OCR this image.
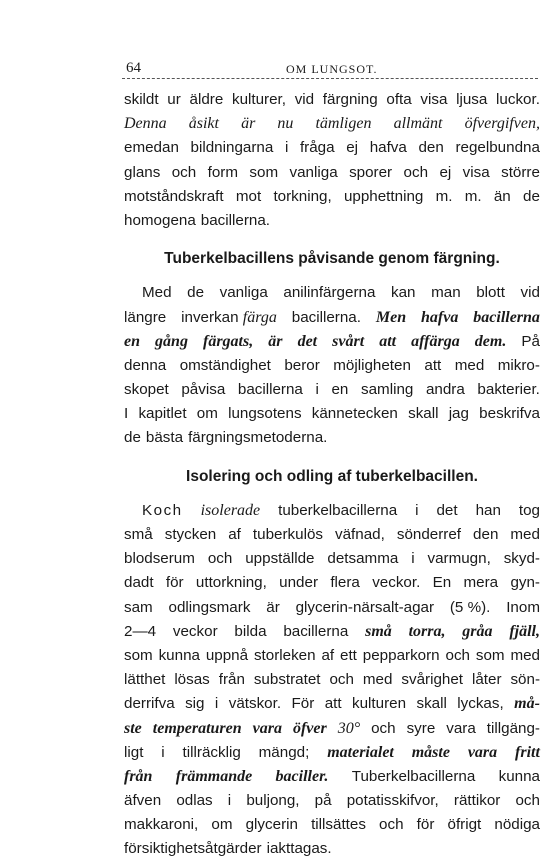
64	OM LUNGSOT.
skildt ur äldre kulturer, vid färgning ofta visa ljusa luckor.
Denna åsikt är nu tämligen allmänt öfvergifven,
emedan bildningarna i fråga ej hafva den regelbundna
glans och form som vanliga sporer och ej visa större
motståndskraft mot torkning, upphettning m. m. än de
homogena bacillerna.
Tuberkelbacillens påvisande genom färgning.
Med de vanliga anilinfärgerna kan man blott vid
längre inverkan färga bacillerna. Men hafva bacillerna
en gång färgats, är det svårt att affärga dem. På
denna omständighet beror möjligheten att med mikro-
skopet påvisa bacillerna i en samling andra bakterier.
I kapitlet om lungsotens kännetecken skall jag beskrifva
de bästa färgningsmetoderna.
Isolering och odling af tuberkelbacillen.
Koch isolerade tuberkelbacillerna i det han tog
små stycken af tuberkulös väfnad, sönderref den med
blodserum och uppställde detsamma i varmugn, skyd-
dadt för uttorkning, under flera veckor. En mera gyn-
sam odlingsmark är glycerin-närsalt-agar (5 %). Inom
2—4 veckor bilda bacillerna små torra, gråa fjäll,
som kunna uppnå storleken af ett pepparkorn och som med
lätthet lösas från substratet och med svårighet låter sön-
derrifva sig i vätskor. För att kulturen skall lyckas, må-
ste temperaturen vara öfver 30° och syre vara tillgäng-
ligt i tillräcklig mängd; materialet måste vara fritt
från främmande baciller. Tuberkelbacillerna kunna
äfven odlas i buljong, på potatisskifvor, rättikor och
makkaroni, om glycerin tillsättes och för öfrigt nödiga
försiktighetsåtgärder iakttagas.
